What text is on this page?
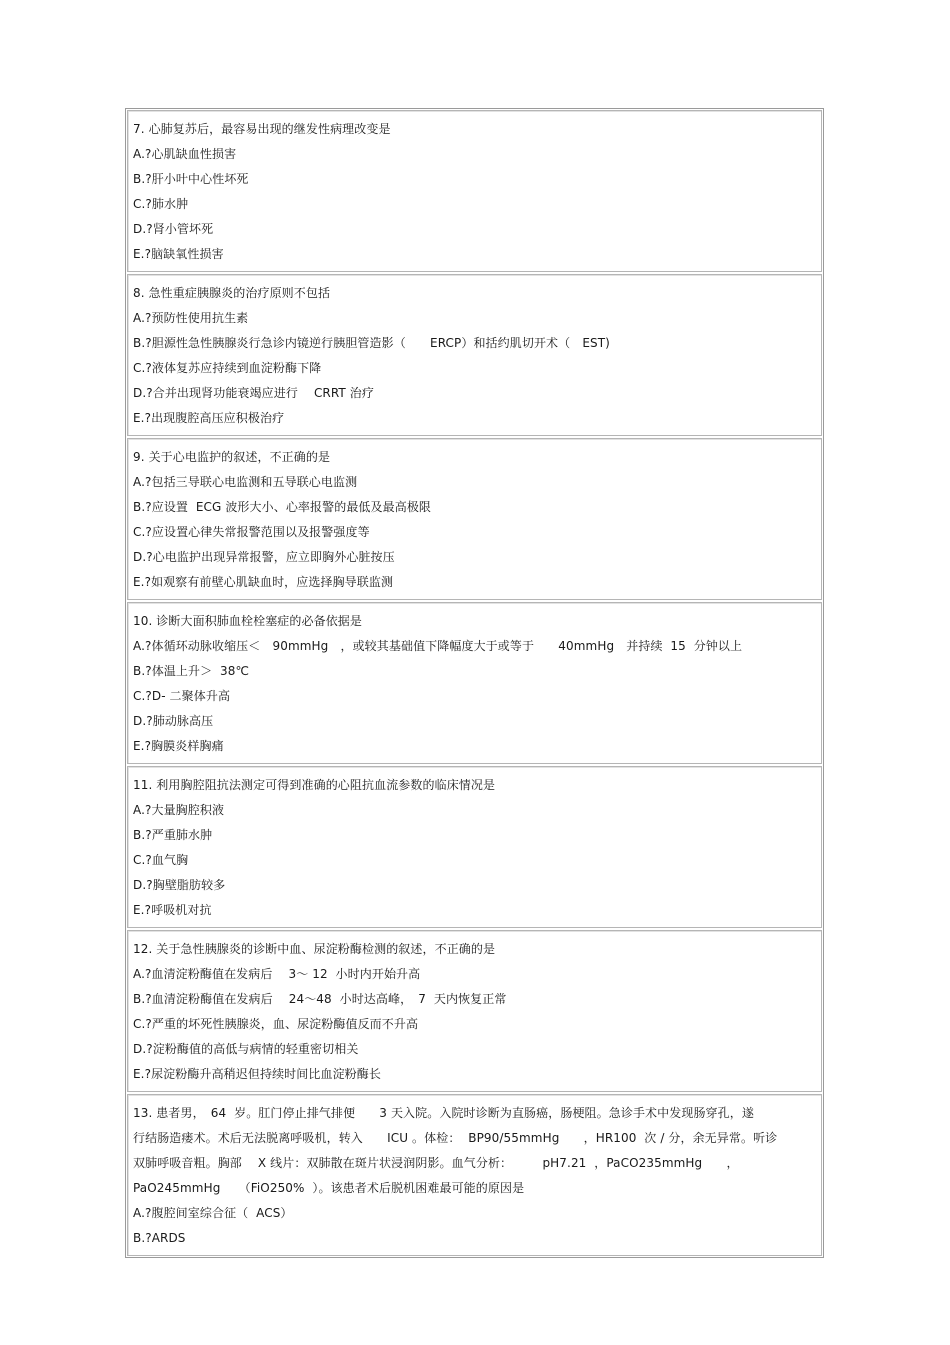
7. 心肺复苏后，最容易出现的继发性病理改变是
A.?心肌缺血性损害
B.?肝小叶中心性坏死
C.?肺水肿
D.?肾小管坏死
E.?脑缺氧性损害
8. 急性重症胰腺炎的治疗原则不包括
A.?预防性使用抗生素
B.?胆源性急性胰腺炎行急诊内镜逆行胰胆管造影（　　ERCP）和括约肌切开术（　EST)
C.?液体复苏应持续到血淀粉酶下降
D.?合并出现肾功能衰竭应进行　 CRRT 治疗
E.?出现腹腔高压应积极治疗
9. 关于心电监护的叙述，不正确的是
A.?包括三导联心电监测和五导联心电监测
B.?应设置  ECG 波形大小、心率报警的最低及最高极限
C.?应设置心律失常报警范围以及报警强度等
D.?心电监护出现异常报警，应立即胸外心脏按压
E.?如观察有前壁心肌缺血时，应选择胸导联监测
10. 诊断大面积肺血栓栓塞症的必备依据是
A.?体循环动脉收缩压＜　90mmHg　，或较其基础值下降幅度大于或等于　　40mmHg　并持续  15  分钟以上
B.?体温上升＞  38℃
C.?D- 二聚体升高
D.?肺动脉高压
E.?胸膜炎样胸痛
11. 利用胸腔阻抗法测定可得到准确的心阻抗血流参数的临床情况是
A.?大量胸腔积液
B.?严重肺水肿
C.?血气胸
D.?胸壁脂肪较多
E.?呼吸机对抗
12. 关于急性胰腺炎的诊断中血、尿淀粉酶检测的叙述，不正确的是
A.?血清淀粉酶值在发病后　 3～ 12  小时内开始升高
B.?血清淀粉酶值在发病后　 24～48  小时达高峰，　7  天内恢复正常
C.?严重的坏死性胰腺炎，血、尿淀粉酶值反而不升高
D.?淀粉酶值的高低与病情的轻重密切相关
E.?尿淀粉酶升高稍迟但持续时间比血淀粉酶长
13. 患者男，　64  岁。肛门停止排气排便　　3 天入院。入院时诊断为直肠癌，肠梗阻。急诊手术中发现肠穿孔，遂
行结肠造瘘术。术后无法脱离呼吸机，转入　　ICU 。体检：  BP90/55mmHg　　，HR100  次 / 分，余无异常。听诊
双肺呼吸音粗。胸部　 X 线片：双肺散在斑片状浸润阴影。血气分析：　　　pH7.21  ，PaCO235mmHg　　，
PaO245mmHg　　（FiO250%  ）。该患者术后脱机困难最可能的原因是
A.?腹腔间室综合征（  ACS）
B.?ARDS
